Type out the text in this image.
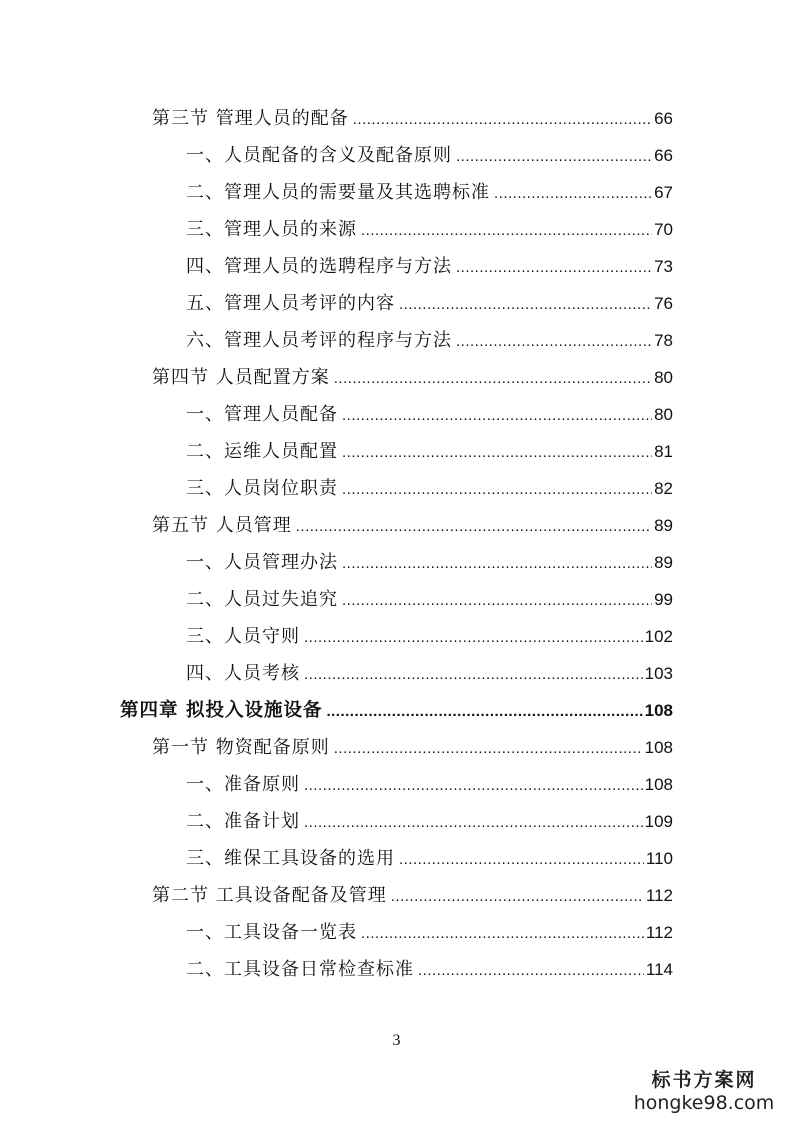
第三节 管理人员的配备 .....	66
一、人员配备的含义及配备原则 .....	66
二、管理人员的需要量及其选聘标准 .....	67
三、管理人员的来源 .....	70
四、管理人员的选聘程序与方法 .....	73
五、管理人员考评的内容 .....	76
六、管理人员考评的程序与方法 .....	78
第四节 人员配置方案 .....	80
一、管理人员配备 .....	80
二、运维人员配置 .....	81
三、人员岗位职责 .....	82
第五节 人员管理 .....	89
一、人员管理办法 .....	89
二、人员过失追究 .....	99
三、人员守则 .....	102
四、人员考核 .....	103
第四章 拟投入设施设备 .....	108
第一节 物资配备原则 .....	108
一、准备原则 .....	108
二、准备计划 .....	109
三、维保工具设备的选用 .....	110
第二节 工具设备配备及管理 .....	112
一、工具设备一览表 .....	112
二、工具设备日常检查标准 .....	114
3
标书方案网
hongke98.com
